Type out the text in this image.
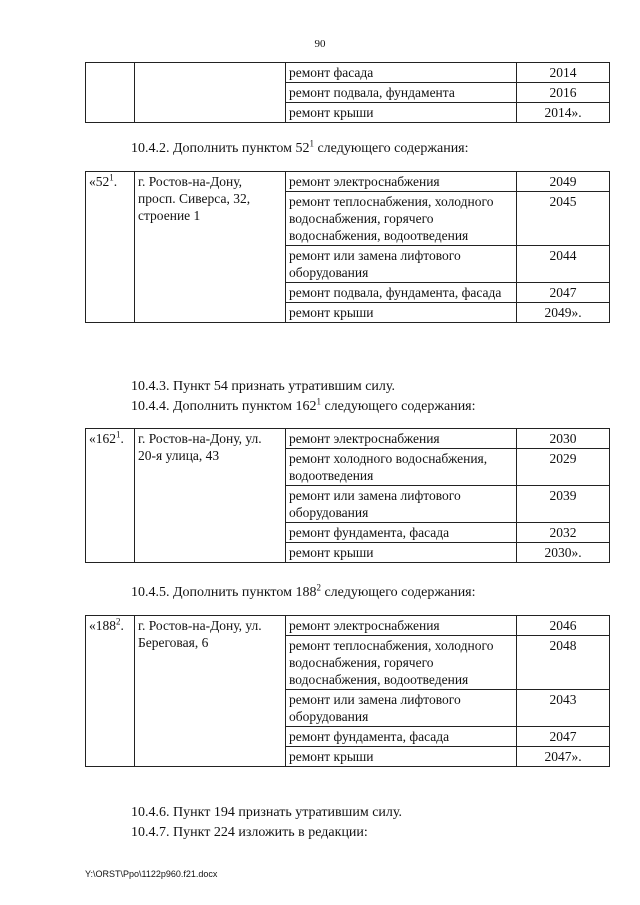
90
		ремонт фасада	2014
		ремонт подвала, фундамента	2016
		ремонт крыши	2014».
10.4.2. Дополнить пунктом $52^1$ следующего содержания:
«$52^1$.	г. Ростов-на-Дону, просп. Сиверса, 32, строение 1	ремонт электроснабжения	2049
		ремонт теплоснабжения, холодного водоснабжения, горячего водоснабжения, водоотведения	2045
		ремонт или замена лифтового оборудования	2044
		ремонт подвала, фундамента, фасада	2047
		ремонт крыши	2049».
10.4.3. Пункт 54 признать утратившим силу.
10.4.4. Дополнить пунктом $162^1$ следующего содержания:
«$162^1$.	г. Ростов-на-Дону, ул. 20-я улица, 43	ремонт электроснабжения	2030
		ремонт холодного водоснабжения, водоотведения	2029
		ремонт или замена лифтового оборудования	2039
		ремонт фундамента, фасада	2032
		ремонт крыши	2030».
10.4.5. Дополнить пунктом $188^2$ следующего содержания:
«$188^2$.	г. Ростов-на-Дону, ул. Береговая, 6	ремонт электроснабжения	2046
		ремонт теплоснабжения, холодного водоснабжения, горячего водоснабжения, водоотведения	2048
		ремонт или замена лифтового оборудования	2043
		ремонт фундамента, фасада	2047
		ремонт крыши	2047».
10.4.6. Пункт 194 признать утратившим силу.
10.4.7. Пункт 224 изложить в редакции:
Y:\ORST\Ppo\1122p960.f21.docx
